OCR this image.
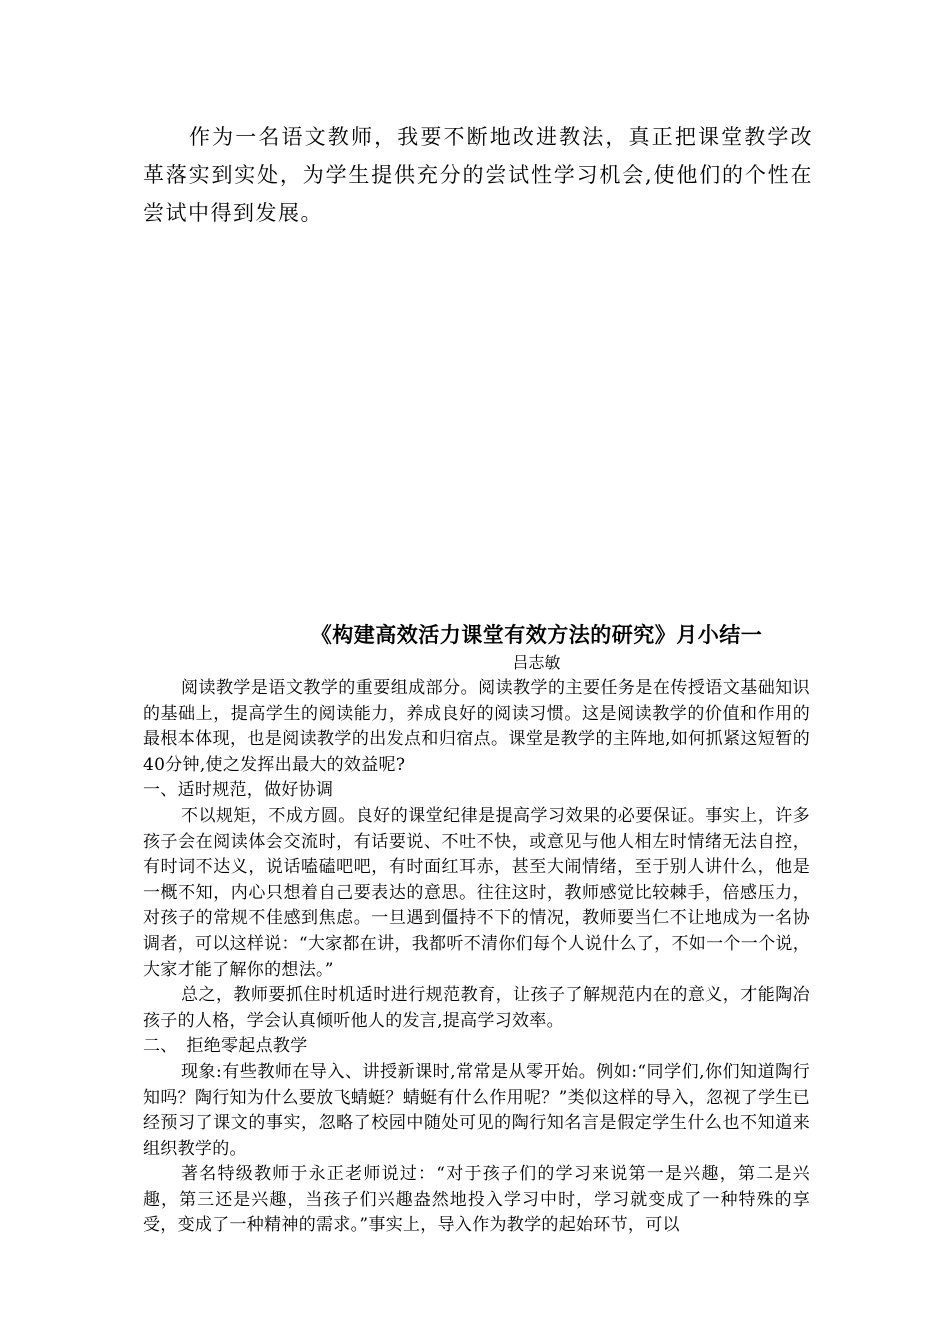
作为一名语文教师，我要不断地改进教法，真正把课堂教学改革落实到实处，为学生提供充分的尝试性学习机会,使他们的个性在尝试中得到发展。

《构建高效活力课堂有效方法的研究》月小结一

吕志敏

阅读教学是语文教学的重要组成部分。阅读教学的主要任务是在传授语文基础知识的基础上，提高学生的阅读能力，养成良好的阅读习惯。这是阅读教学的价值和作用的最根本体现，也是阅读教学的出发点和归宿点。课堂是教学的主阵地,如何抓紧这短暂的40分钟,使之发挥出最大的效益呢?

一、适时规范，做好协调

不以规矩，不成方圆。良好的课堂纪律是提高学习效果的必要保证。事实上，许多孩子会在阅读体会交流时，有话要说、不吐不快，或意见与他人相左时情绪无法自控，有时词不达义，说话嗑磕吧吧，有时面红耳赤，甚至大闹情绪，至于别人讲什么，他是一概不知，内心只想着自己要表达的意思。往往这时，教师感觉比较棘手，倍感压力，对孩子的常规不佳感到焦虑。一旦遇到僵持不下的情况，教师要当仁不让地成为一名协调者，可以这样说：“大家都在讲，我都听不清你们每个人说什么了，不如一个一个说，大家才能了解你的想法。”

总之，教师要抓住时机适时进行规范教育，让孩子了解规范内在的意义，才能陶冶孩子的人格，学会认真倾听他人的发言,提高学习效率。

二、　拒绝零起点教学

现象:有些教师在导入、讲授新课时,常常是从零开始。例如:“同学们,你们知道陶行知吗？陶行知为什么要放飞蜻蜓？蜻蜓有什么作用呢？”类似这样的导入，忽视了学生已经预习了课文的事实，忽略了校园中随处可见的陶行知名言是假定学生什么也不知道来组织教学的。

著名特级教师于永正老师说过：“对于孩子们的学习来说第一是兴趣，第二是兴趣，第三还是兴趣，当孩子们兴趣盎然地投入学习中时，学习就变成了一种特殊的享受，变成了一种精神的需求。”事实上，导入作为教学的起始环节，可以
